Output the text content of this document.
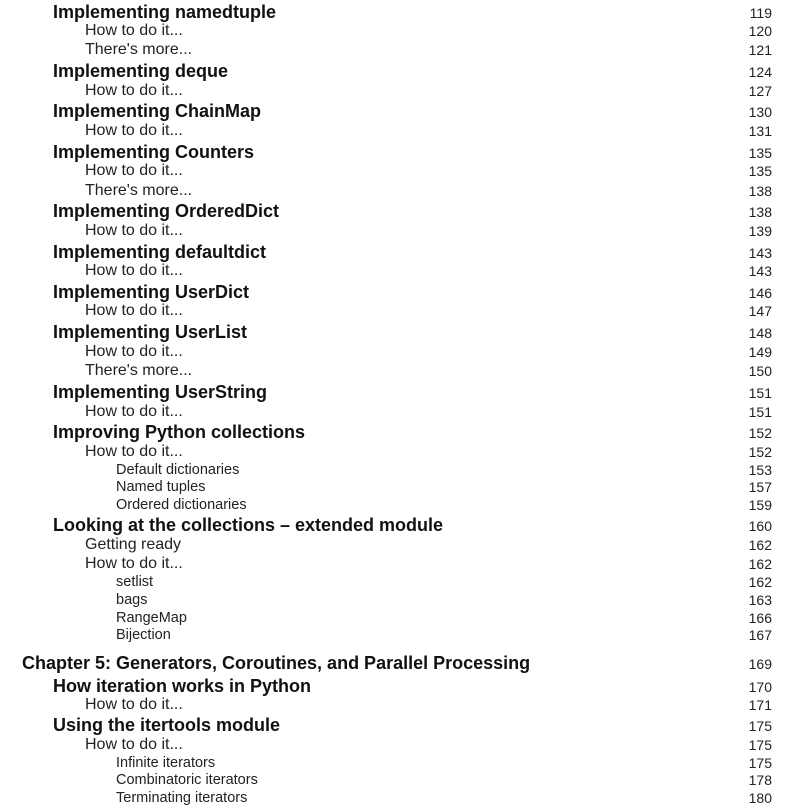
Implementing namedtuple	119
How to do it...	120
There's more...	121
Implementing deque	124
How to do it...	127
Implementing ChainMap	130
How to do it...	131
Implementing Counters	135
How to do it...	135
There's more...	138
Implementing OrderedDict	138
How to do it...	139
Implementing defaultdict	143
How to do it...	143
Implementing UserDict	146
How to do it...	147
Implementing UserList	148
How to do it...	149
There's more...	150
Implementing UserString	151
How to do it...	151
Improving Python collections	152
How to do it...	152
Default dictionaries	153
Named tuples	157
Ordered dictionaries	159
Looking at the collections – extended module	160
Getting ready	162
How to do it...	162
setlist	162
bags	163
RangeMap	166
Bijection	167
Chapter 5: Generators, Coroutines, and Parallel Processing	169
How iteration works in Python	170
How to do it...	171
Using the itertools module	175
How to do it...	175
Infinite iterators	175
Combinatoric iterators	178
Terminating iterators	180
